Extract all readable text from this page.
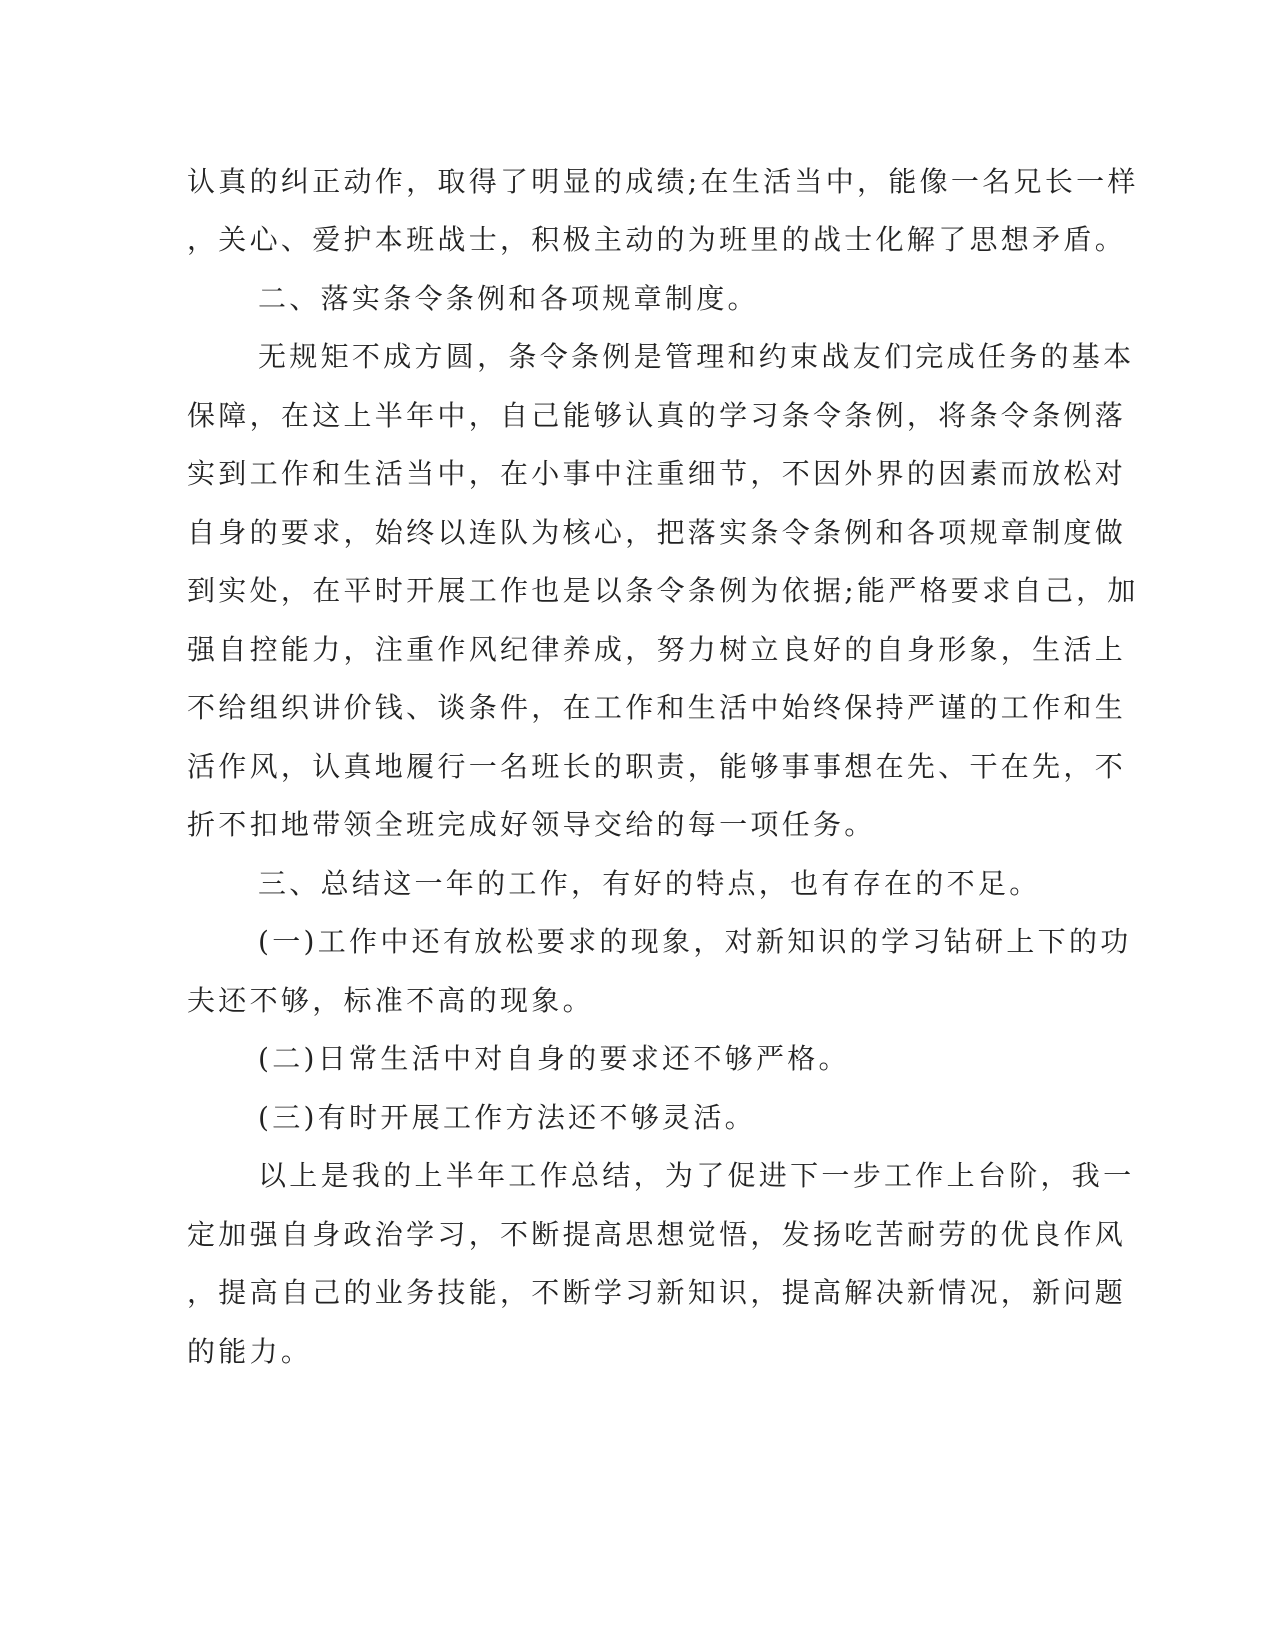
认真的纠正动作，取得了明显的成绩;在生活当中，能像一名兄长一样
，关心、爱护本班战士，积极主动的为班里的战士化解了思想矛盾。
二、落实条令条例和各项规章制度。
无规矩不成方圆，条令条例是管理和约束战友们完成任务的基本
保障，在这上半年中，自己能够认真的学习条令条例，将条令条例落
实到工作和生活当中，在小事中注重细节，不因外界的因素而放松对
自身的要求，始终以连队为核心，把落实条令条例和各项规章制度做
到实处，在平时开展工作也是以条令条例为依据;能严格要求自己，加
强自控能力，注重作风纪律养成，努力树立良好的自身形象，生活上
不给组织讲价钱、谈条件，在工作和生活中始终保持严谨的工作和生
活作风，认真地履行一名班长的职责，能够事事想在先、干在先，不
折不扣地带领全班完成好领导交给的每一项任务。
三、总结这一年的工作，有好的特点，也有存在的不足。
(一)工作中还有放松要求的现象，对新知识的学习钻研上下的功
夫还不够，标准不高的现象。
(二)日常生活中对自身的要求还不够严格。
(三)有时开展工作方法还不够灵活。
以上是我的上半年工作总结，为了促进下一步工作上台阶，我一
定加强自身政治学习，不断提高思想觉悟，发扬吃苦耐劳的优良作风
，提高自己的业务技能，不断学习新知识，提高解决新情况，新问题
的能力。
